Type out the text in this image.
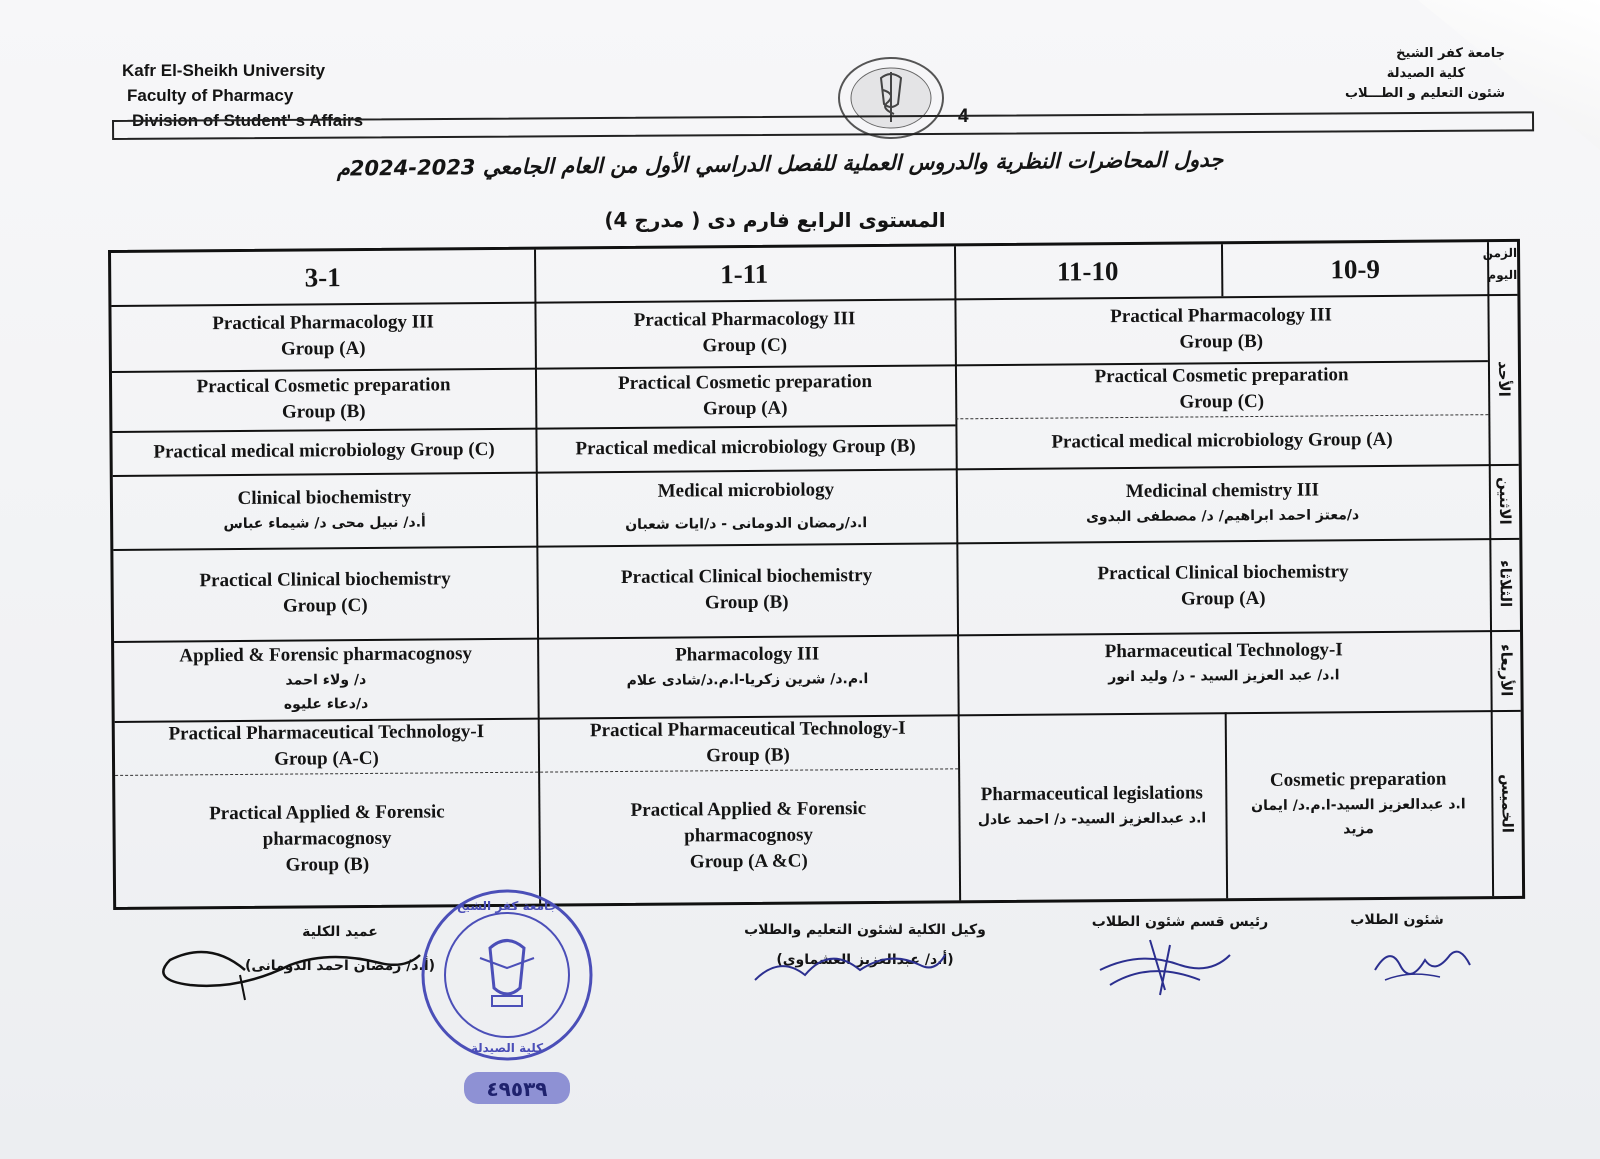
Kafr El-Sheikh University
Faculty of Pharmacy
Division of Student' s Affairs
جامعة كفر الشيخ
كلية الصيدلة
شئون التعليم و الطـــلاب
4
جدول المحاضرات النظرية والدروس العملية للفصل الدراسي الأول من العام الجامعي 2023-2024م
المستوى الرابع فارم دى ( مدرج 4)
10-9
11-10
1-11
3-1
الزمن
اليوم
الأحد
الاثنين
الثلاثاء
الأربعاء
الخميس
Practical Pharmacology III
Group (B)
Practical Cosmetic preparation
Group (C)
Practical medical microbiology Group (A)
Practical Pharmacology III
Group (C)
Practical Cosmetic preparation
Group (A)
Practical medical microbiology Group (B)
Practical Pharmacology III
Group (A)
Practical Cosmetic preparation
Group (B)
Practical medical microbiology Group (C)
Medicinal chemistry III
د/معتز احمد ابراهيم/ د/ مصطفى البدوى
Medical microbiology
ا.د/رمضان الدومانى - د/ايات شعبان
Clinical biochemistry
أ.د/ نبيل محى د/ شيماء عباس
Practical Clinical biochemistry
Group (A)
Practical Clinical biochemistry
Group (B)
Practical Clinical biochemistry
Group (C)
Pharmaceutical Technology-I
ا.د/ عبد العزيز السيد - د/ وليد انور
Pharmacology III
ا.م.د/ شرين زكريا-ا.م.د/شادى علام
Applied & Forensic pharmacognosy
د/ ولاء احمد
د/دعاء عليوه
Cosmetic preparation
ا.د عبدالعزيز السيد-ا.م.د/ ايمان
مزيد
Pharmaceutical legislations
ا.د عبدالعزيز السيد- د/ احمد عادل
Practical Pharmaceutical Technology-I
Group (B)
Practical Applied & Forensic
pharmacognosy
Group (A &C)
Practical Pharmaceutical Technology-I
Group (A-C)
Practical Applied & Forensic
pharmacognosy
Group (B)
شئون الطلاب
رئيس قسم شئون الطلاب
وكيل الكلية لشئون التعليم والطلاب
(أ.د/ عبدالعزيز العشماوى)
عميد الكلية
(أ.د/ رمضان احمد الدومانى)
جامعة كفر الشيخ
كلية الصيدلة
٤٩٥٣٩
